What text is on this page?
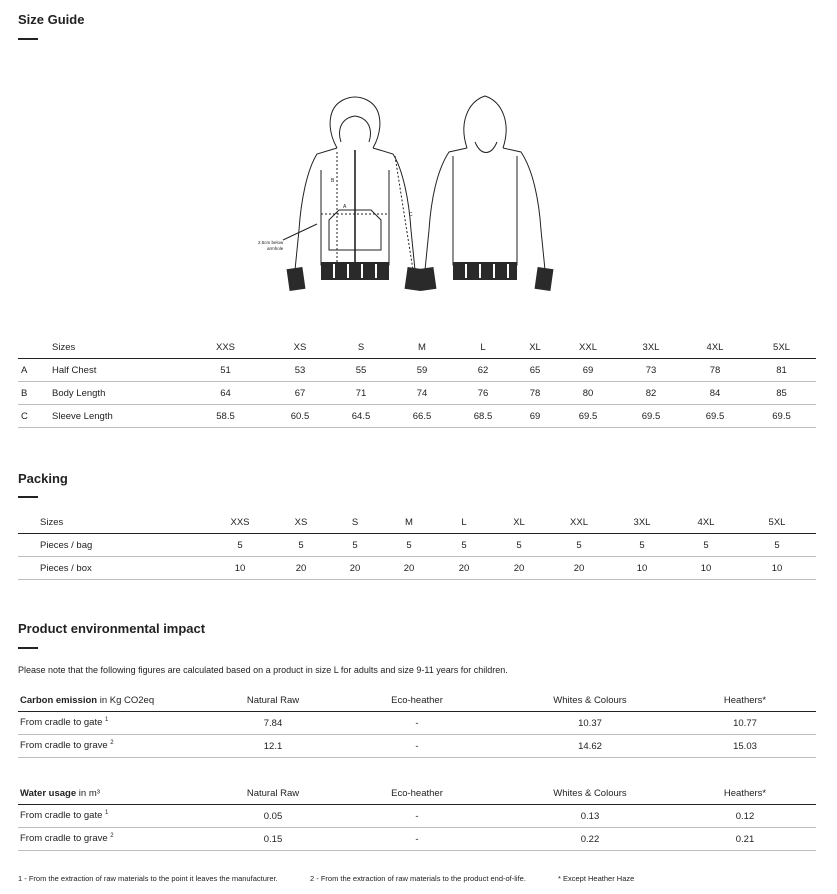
Size Guide
2.5cm below
armhole
A
B
C
	Sizes	XXS	XS	S	M	L	XL	XXL	3XL	4XL	5XL
A	Half Chest	51	53	55	59	62	65	69	73	78	81
B	Body Length	64	67	71	74	76	78	80	82	84	85
C	Sleeve Length	58.5	60.5	64.5	66.5	68.5	69	69.5	69.5	69.5	69.5
Packing
	Sizes	XXS	XS	S	M	L	XL	XXL	3XL	4XL	5XL
	Pieces / bag	5	5	5	5	5	5	5	5	5	5
	Pieces / box	10	20	20	20	20	20	20	10	10	10
Product environmental impact
Please note that the following figures are calculated based on a product in size L for adults and size 9-11 years for children.
Carbon emission in Kg CO2eq	Natural Raw	Eco-heather	Whites & Colours	Heathers*
From cradle to gate $^1$	7.84	-	10.37	10.77
From cradle to grave $^2$	12.1	-	14.62	15.03
Water usage in m³	Natural Raw	Eco-heather	Whites & Colours	Heathers*
From cradle to gate $^1$	0.05	-	0.13	0.12
From cradle to grave $^2$	0.15	-	0.22	0.21
1 - From the extraction of raw materials to the point it leaves the manufacturer.	2 - From the extraction of raw materials to the product end-of-life.	* Except Heather Haze
